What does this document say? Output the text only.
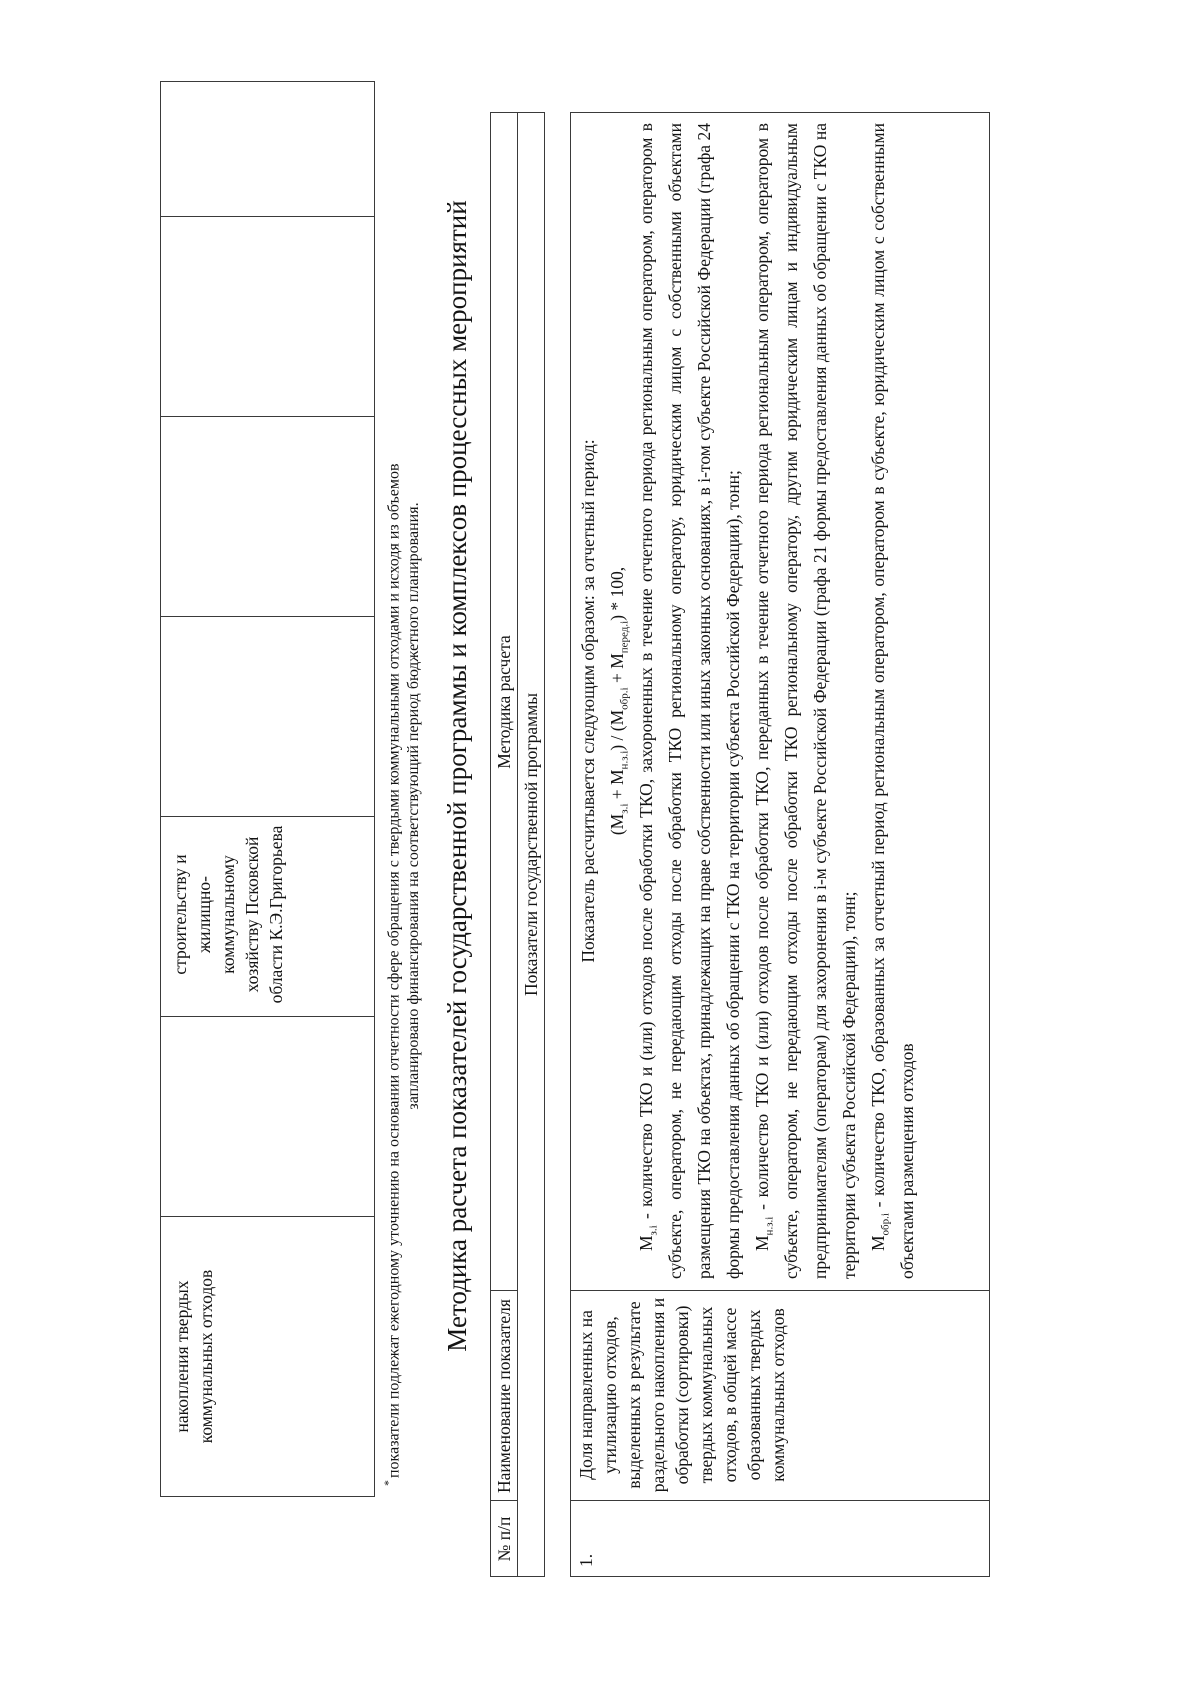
накопления твердых коммунальных отходов
строительству и жилищно-коммунальному хозяйству Псковской области К.Э.Григорьева
*показатели подлежат ежегодному уточнению на основании отчетности сфере обращения с твердыми коммунальными отходами и исходя из объемов запланировано финансирования на соответствующий период бюджетного планирования. Методика расчета показателей государственной программы и комплексов процессных мероприятий
№ п/п
Наименование показателя
Методика расчета Показатели государственной программы
1.
Доля направленных на утилизацию отходов, выделенных в результате раздельного накопления и обработки (сортировки) твердых коммунальных отходов, в общей массе образованных твердых коммунальных отходов

Показатель рассчитывается следующим образом: за отчетный период: $(М_{з.i} + М_{н.з.i}) / (М_{обр.i} + М_{перед.i}) * 100$,

$М_{з.i}$ - количество ТКО и (или) отходов после обработки ТКО, захороненных в течение отчетного периода региональным оператором, оператором в субъекте, оператором, не передающим отходы после обработки ТКО региональному оператору, юридическим лицом с собственными объектами размещения ТКО на объектах, принадлежащих на праве собственности или иных законных основаниях, в i-том субъекте Российской Федерации (графа 24 формы предоставления данных об обращении с ТКО на территории субъекта Российской Федерации), тонн; $М_{н.з.i}$ - количество ТКО и (или) отходов после обработки ТКО, переданных в течение отчетного периода региональным оператором, оператором в субъекте, оператором, не передающим отходы после обработки ТКО региональному оператору, другим юридическим лицам и индивидуальным предпринимателям (операторам) для захоронения в i-м субъекте Российской Федерации (графа 21 формы предоставления данных об обращении с ТКО на территории субъекта Российской Федерации), тонн; $М_{обр.i}$ - количество ТКО, образованных за отчетный период региональным оператором, оператором в субъекте, юридическим лицом с собственными объектами размещения отходов
